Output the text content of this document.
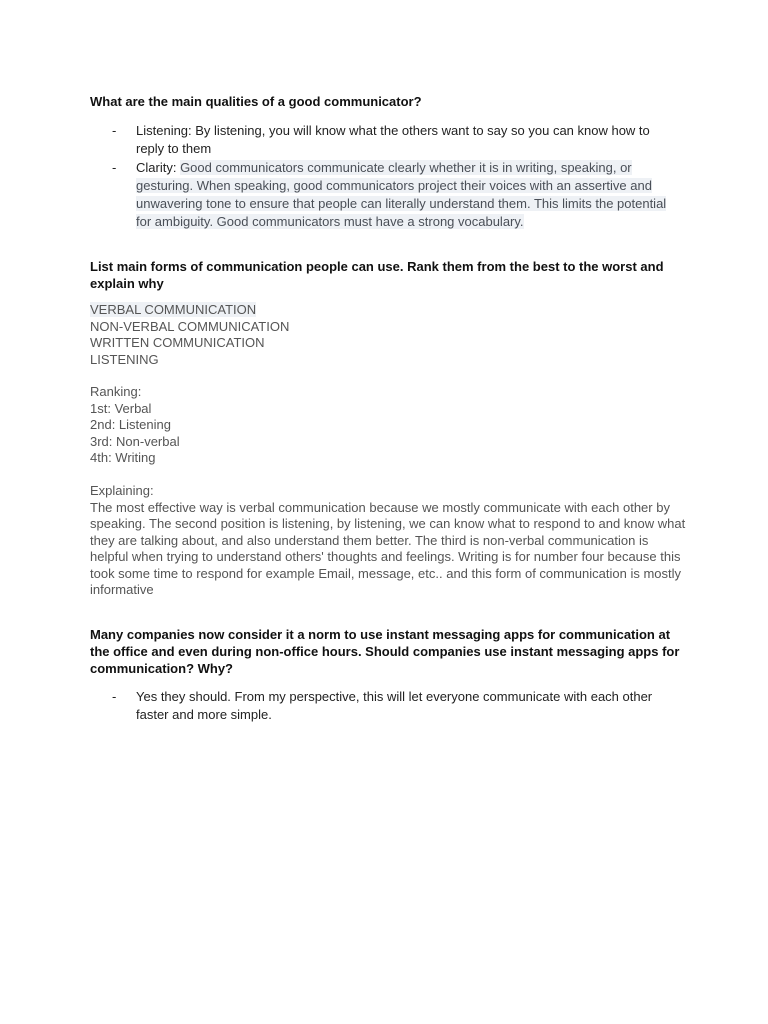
What are the main qualities of a good communicator?
- Listening: By listening, you will know what the others want to say so you can know how to reply to them
- Clarity: Good communicators communicate clearly whether it is in writing, speaking, or gesturing. When speaking, good communicators project their voices with an assertive and unwavering tone to ensure that people can literally understand them. This limits the potential for ambiguity. Good communicators must have a strong vocabulary.
List main forms of communication people can use. Rank them from the best to the worst and explain why
VERBAL COMMUNICATION
NON-VERBAL COMMUNICATION
WRITTEN COMMUNICATION
LISTENING
Ranking:
1st: Verbal
2nd: Listening
3rd: Non-verbal
4th: Writing
Explaining:
The most effective way is verbal communication because we mostly communicate with each other by speaking. The second position is listening, by listening, we can know what to respond to and know what they are talking about, and also understand them better. The third is non-verbal communication is helpful when trying to understand others' thoughts and feelings. Writing is for number four because this took some time to respond for example Email, message, etc.. and this form of communication is mostly informative
Many companies now consider it a norm to use instant messaging apps for communication at the office and even during non-office hours. Should companies use instant messaging apps for communication? Why?
- Yes they should. From my perspective, this will let everyone communicate with each other faster and more simple.
